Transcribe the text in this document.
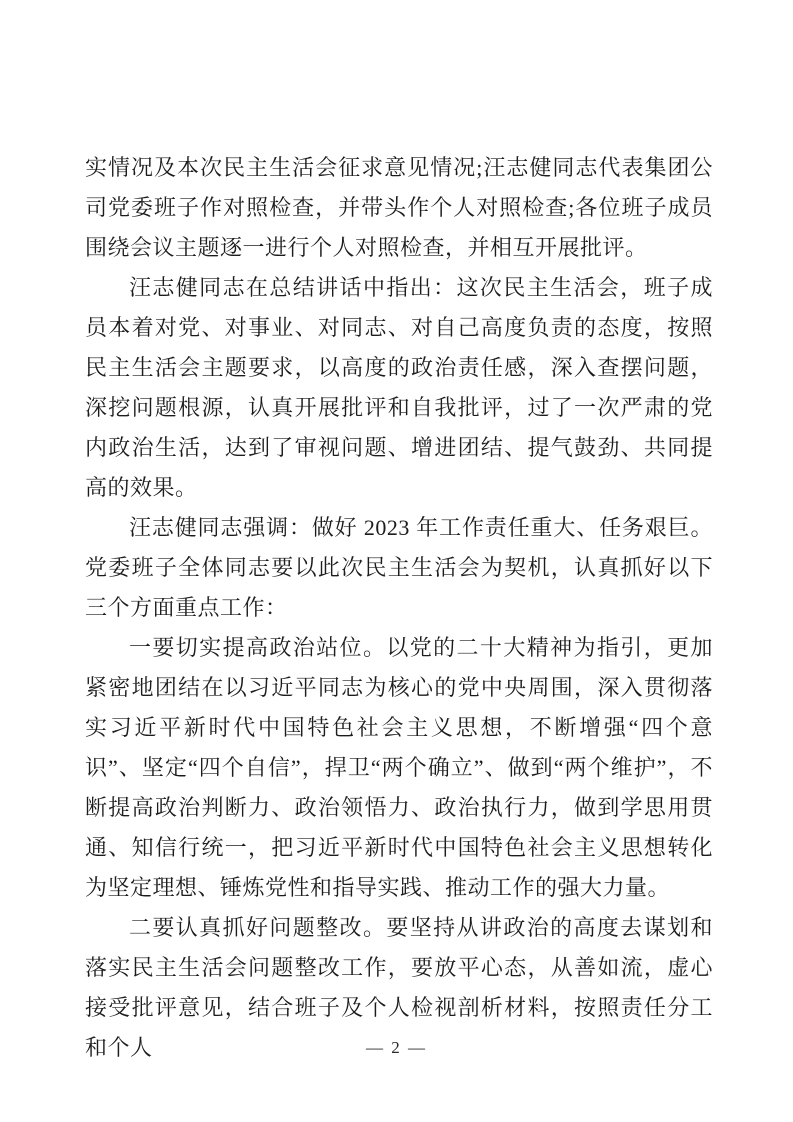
实情况及本次民主生活会征求意见情况;汪志健同志代表集团公司党委班子作对照检查，并带头作个人对照检查;各位班子成员围绕会议主题逐一进行个人对照检查，并相互开展批评。

汪志健同志在总结讲话中指出：这次民主生活会，班子成员本着对党、对事业、对同志、对自己高度负责的态度，按照民主生活会主题要求，以高度的政治责任感，深入查摆问题，深挖问题根源，认真开展批评和自我批评，过了一次严肃的党内政治生活，达到了审视问题、增进团结、提气鼓劲、共同提高的效果。

汪志健同志强调：做好 2023 年工作责任重大、任务艰巨。党委班子全体同志要以此次民主生活会为契机，认真抓好以下三个方面重点工作：

一要切实提高政治站位。以党的二十大精神为指引，更加紧密地团结在以习近平同志为核心的党中央周围，深入贯彻落实习近平新时代中国特色社会主义思想，不断增强“四个意识”、坚定“四个自信”，捍卫“两个确立”、做到“两个维护”，不断提高政治判断力、政治领悟力、政治执行力，做到学思用贯通、知信行统一，把习近平新时代中国特色社会主义思想转化为坚定理想、锤炼党性和指导实践、推动工作的强大力量。

二要认真抓好问题整改。要坚持从讲政治的高度去谋划和落实民主生活会问题整改工作，要放平心态，从善如流，虚心接受批评意见，结合班子及个人检视剖析材料，按照责任分工和个人	— 2 —
